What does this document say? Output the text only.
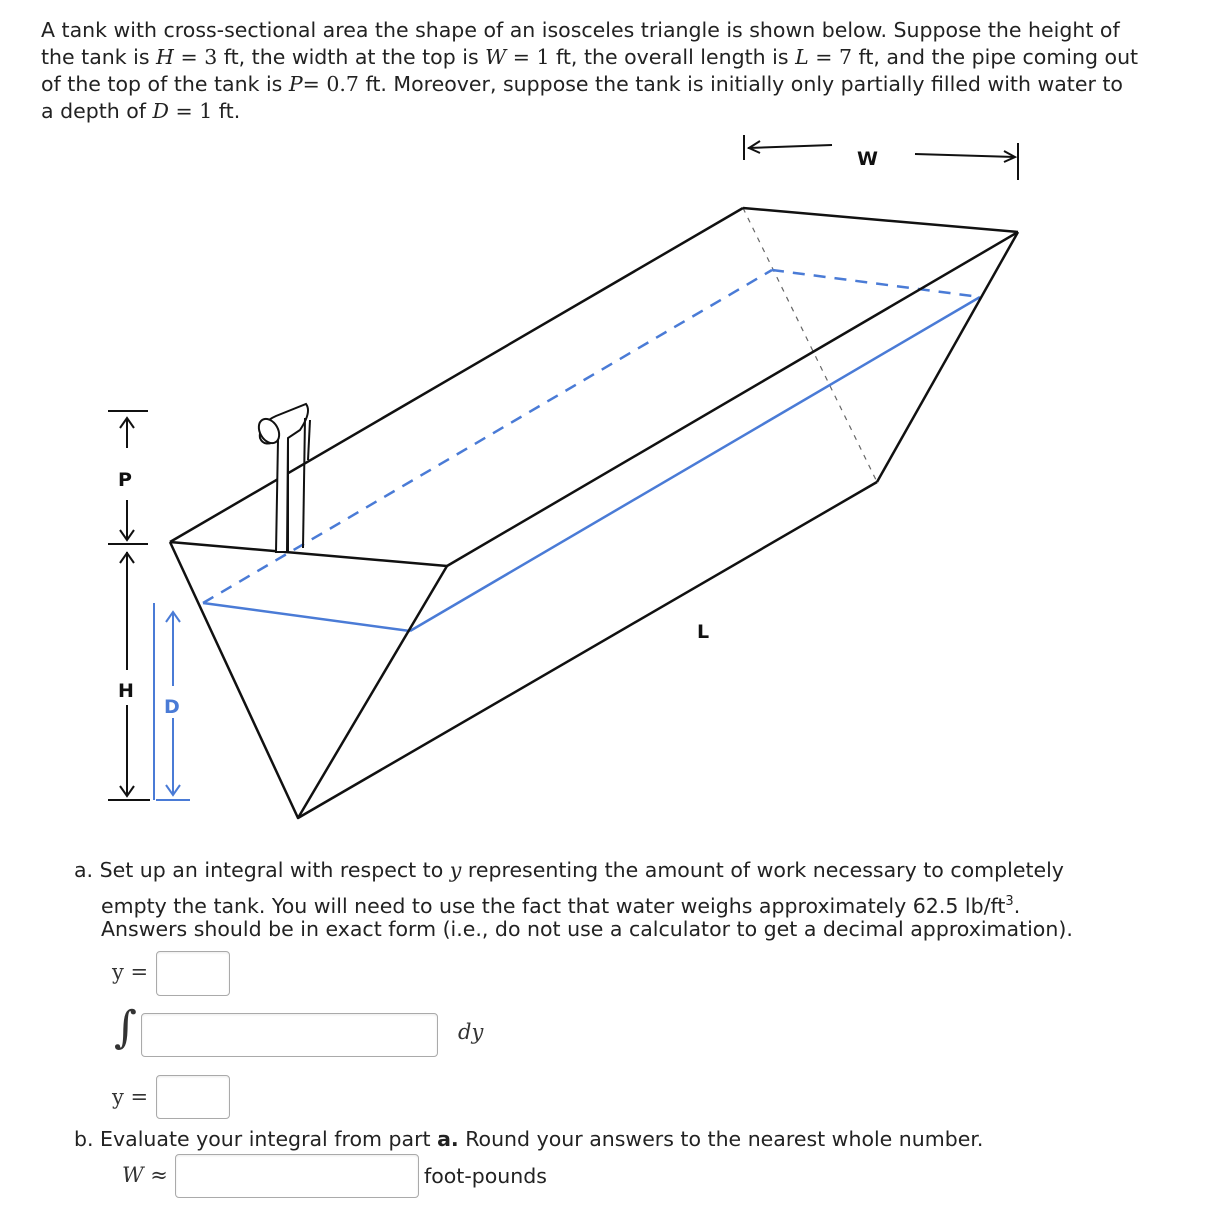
A tank with cross-sectional area the shape of an isosceles triangle is shown below. Suppose the height of the tank is H = 3 ft, the width at the top is W = 1 ft, the overall length is L = 7 ft, and the pipe coming out of the top of the tank is P= 0.7 ft. Moreover, suppose the tank is initially only partially filled with water to a depth of D = 1 ft.
W
P
H
D
L
a. Set up an integral with respect to y representing the amount of work necessary to completely
empty the tank. You will need to use the fact that water weighs approximately 62.5 $lb/ft^3$.
Answers should be in exact form (i.e., do not use a calculator to get a decimal approximation).
y =
∫	dy
y =
b. Evaluate your integral from part a. Round your answers to the nearest whole number.
W ≈	foot-pounds
